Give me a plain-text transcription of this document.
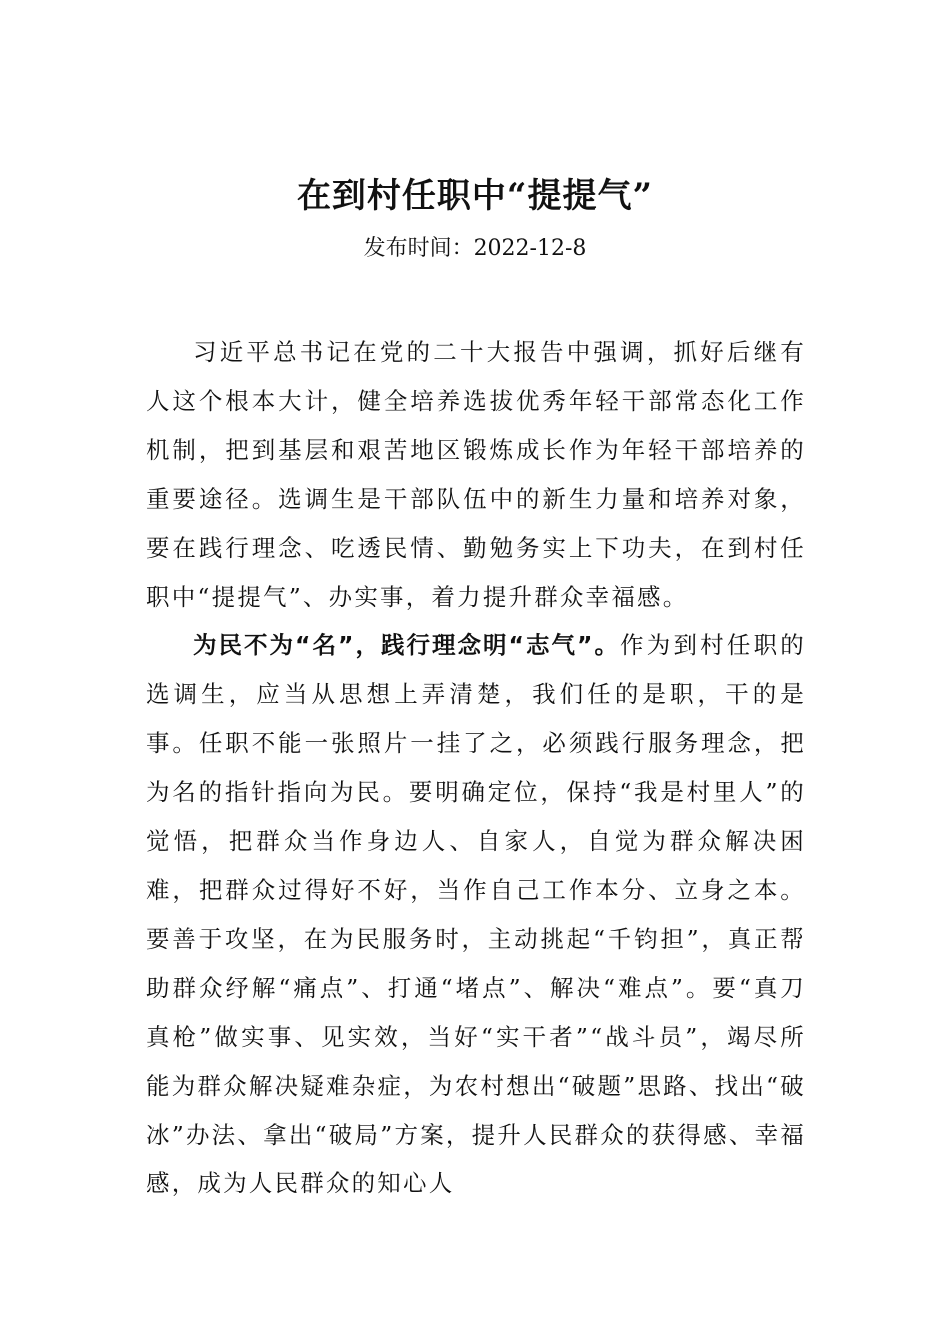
在到村任职中“提提气”

发布时间：2022-12-8

习近平总书记在党的二十大报告中强调，抓好后继有人这个根本大计，健全培养选拔优秀年轻干部常态化工作机制，把到基层和艰苦地区锻炼成长作为年轻干部培养的重要途径。选调生是干部队伍中的新生力量和培养对象，要在践行理念、吃透民情、勤勉务实上下功夫，在到村任职中“提提气”、办实事，着力提升群众幸福感。

为民不为“名”，践行理念明“志气”。作为到村任职的选调生，应当从思想上弄清楚，我们任的是职，干的是事。任职不能一张照片一挂了之，必须践行服务理念，把为名的指针指向为民。要明确定位，保持“我是村里人”的觉悟，把群众当作身边人、自家人，自觉为群众解决困难，把群众过得好不好，当作自己工作本分、立身之本。要善于攻坚，在为民服务时，主动挑起“千钧担”，真正帮助群众纾解“痛点”、打通“堵点”、解决“难点”。要“真刀真枪”做实事、见实效，当好“实干者”“战斗员”，竭尽所能为群众解决疑难杂症，为农村想出“破题”思路、找出“破冰”办法、拿出“破局”方案，提升人民群众的获得感、幸福感，成为人民群众的知心人
